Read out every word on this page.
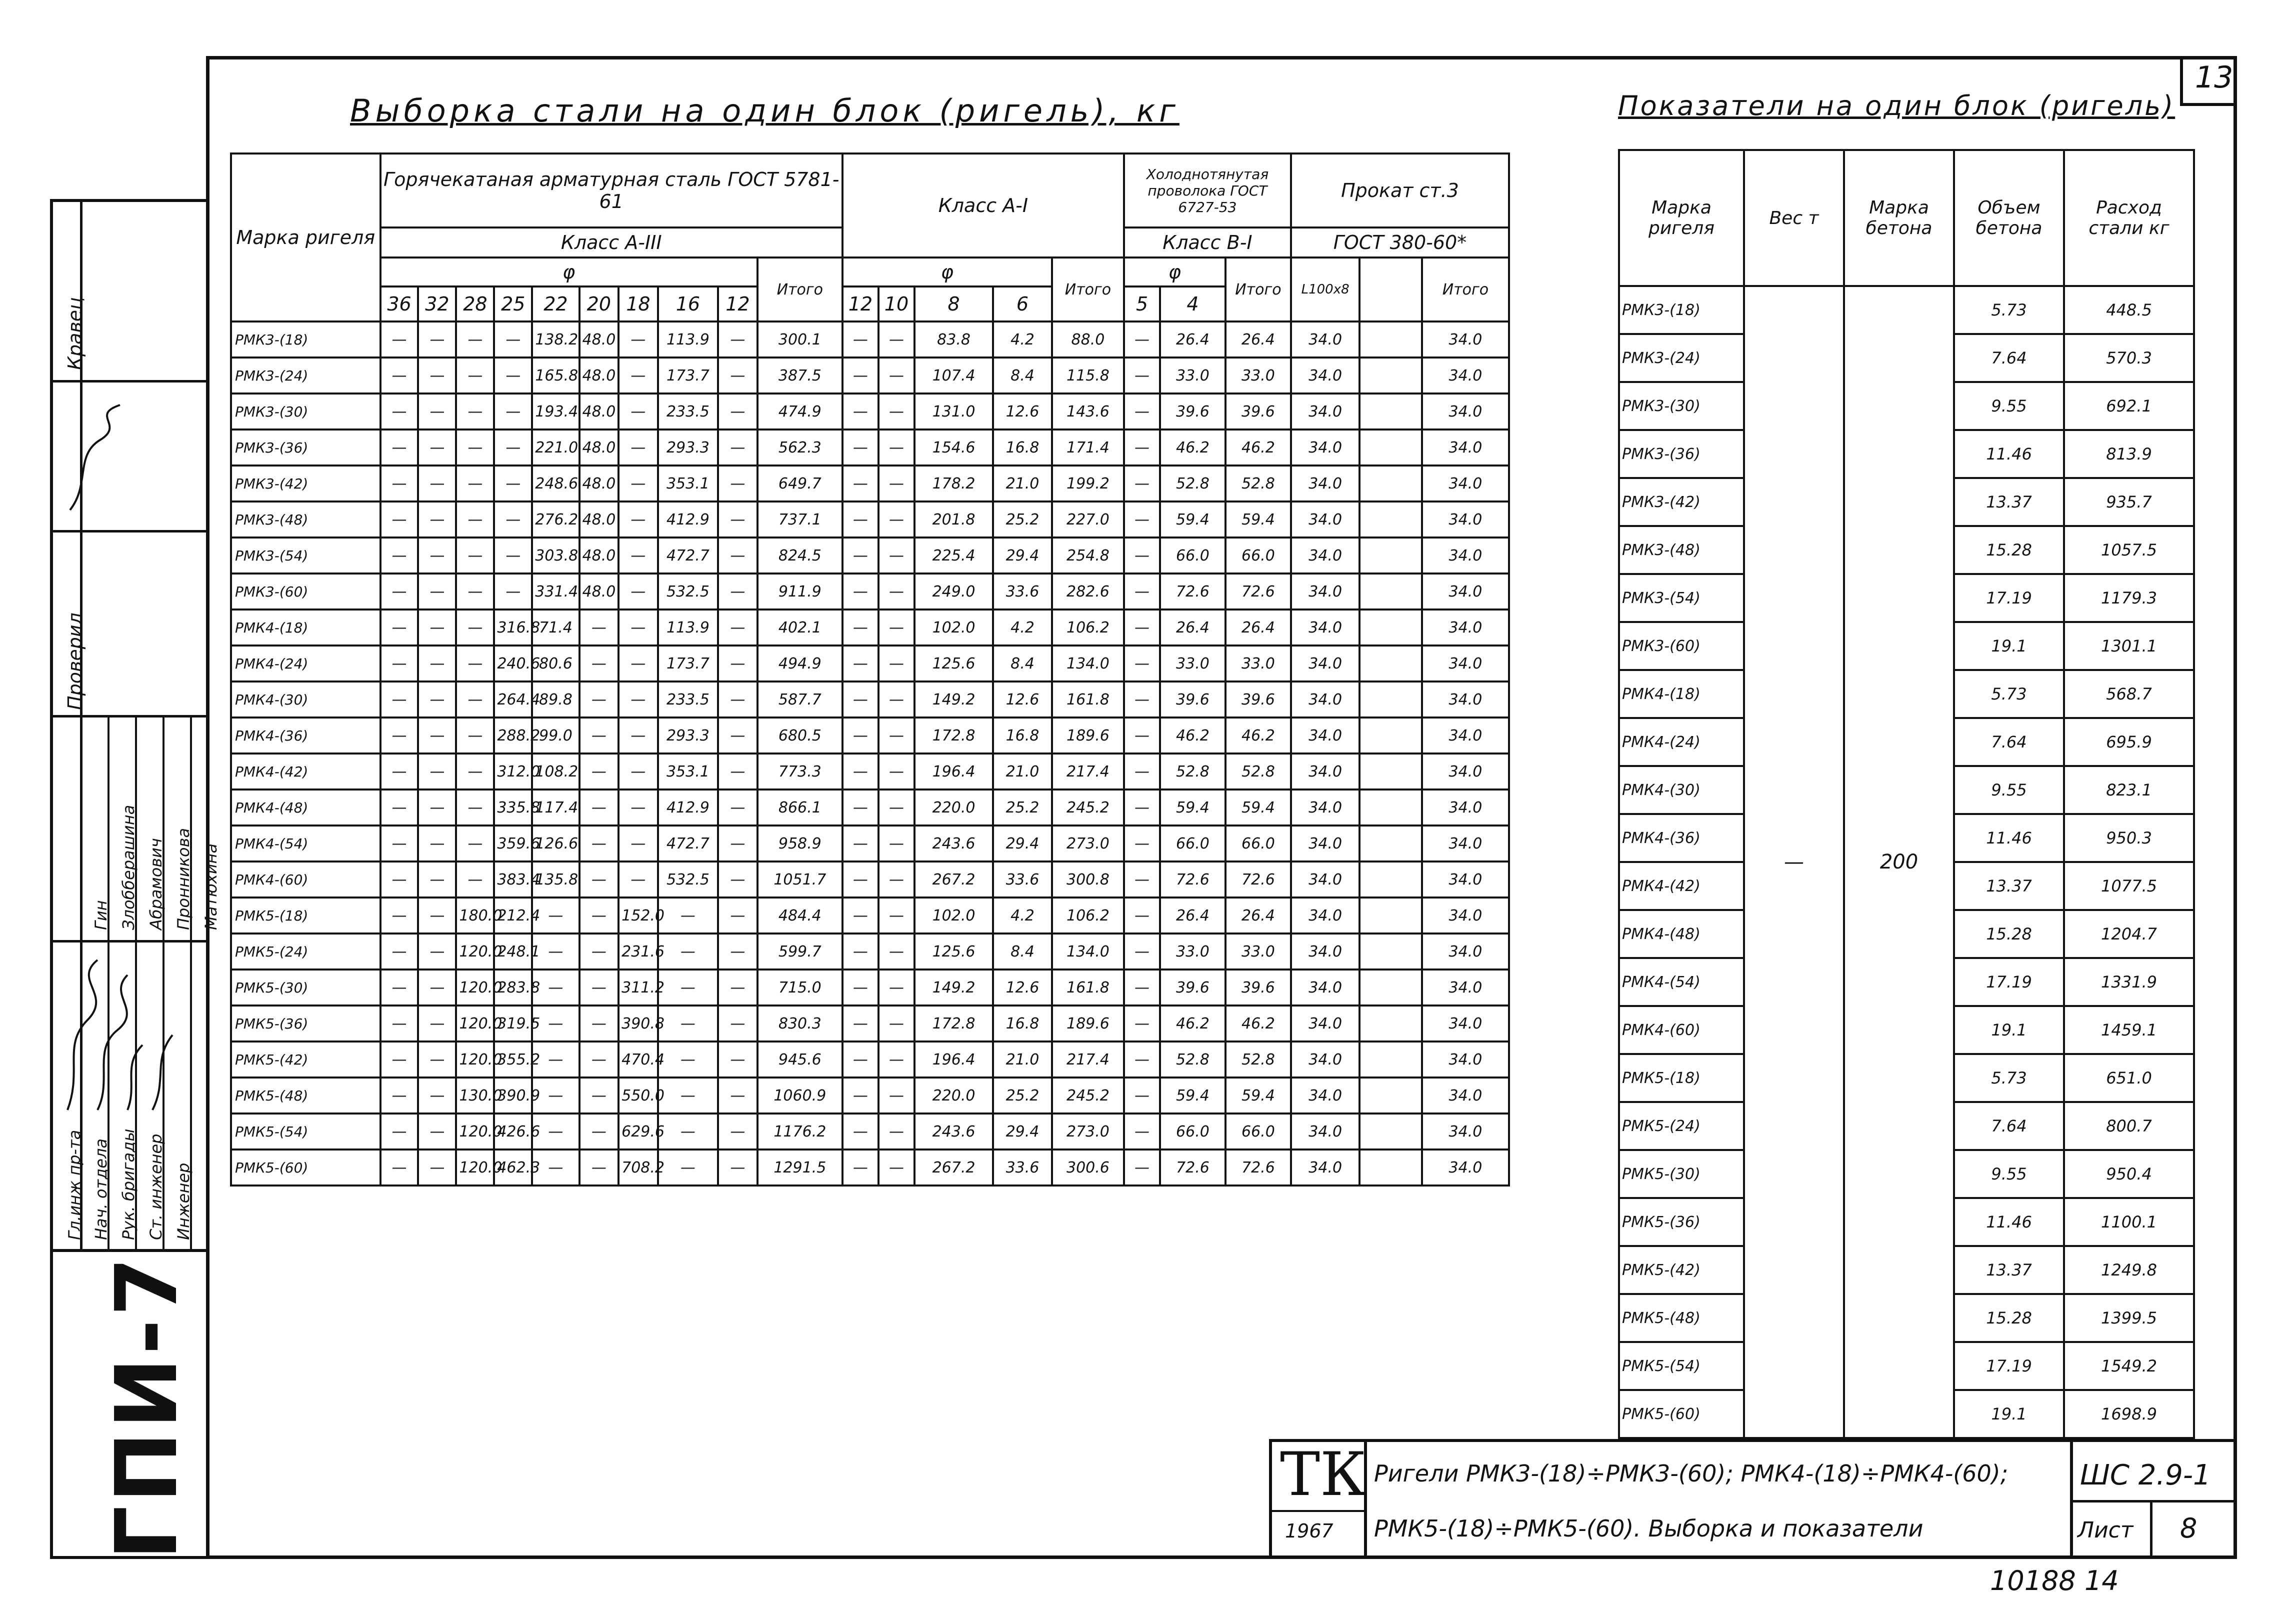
Кравец
Проверил
Гл.инж пр-та Нач. отдела Рук. бригады Ст. инженер Инженер
Гин Злобберашина Абрамович Пронникова Матюхина
ГПИ-7
13
Выборка стали на один блок (ригель), кг	Показатели на один блок (ригель)
Марка ригеля	Горячекатаная арматурная сталь ГОСТ 5781-61										Класс А-I					Холоднотянутая проволока ГОСТ 6727-53			Прокат ст.3		
	Класс А-III															Класс В-I			ГОСТ 380-60*		
	φ									Итого	φ				Итого	φ		Итого	L100x8		Итого
	36	32	28	25	22	20	18	16	12		12	10	8	6		5	4				
РМК3-(18)	—	—	—	—	138.2	48.0	—	113.9	—	300.1	—	—	83.8	4.2	88.0	—	26.4	26.4	34.0		34.0
РМК3-(24)	—	—	—	—	165.8	48.0	—	173.7	—	387.5	—	—	107.4	8.4	115.8	—	33.0	33.0	34.0		34.0
РМК3-(30)	—	—	—	—	193.4	48.0	—	233.5	—	474.9	—	—	131.0	12.6	143.6	—	39.6	39.6	34.0		34.0
РМК3-(36)	—	—	—	—	221.0	48.0	—	293.3	—	562.3	—	—	154.6	16.8	171.4	—	46.2	46.2	34.0		34.0
РМК3-(42)	—	—	—	—	248.6	48.0	—	353.1	—	649.7	—	—	178.2	21.0	199.2	—	52.8	52.8	34.0		34.0
РМК3-(48)	—	—	—	—	276.2	48.0	—	412.9	—	737.1	—	—	201.8	25.2	227.0	—	59.4	59.4	34.0		34.0
РМК3-(54)	—	—	—	—	303.8	48.0	—	472.7	—	824.5	—	—	225.4	29.4	254.8	—	66.0	66.0	34.0		34.0
РМК3-(60)	—	—	—	—	331.4	48.0	—	532.5	—	911.9	—	—	249.0	33.6	282.6	—	72.6	72.6	34.0		34.0
РМК4-(18)	—	—	—	316.8	71.4	—	—	113.9	—	402.1	—	—	102.0	4.2	106.2	—	26.4	26.4	34.0		34.0
РМК4-(24)	—	—	—	240.6	80.6	—	—	173.7	—	494.9	—	—	125.6	8.4	134.0	—	33.0	33.0	34.0		34.0
РМК4-(30)	—	—	—	264.4	89.8	—	—	233.5	—	587.7	—	—	149.2	12.6	161.8	—	39.6	39.6	34.0		34.0
РМК4-(36)	—	—	—	288.2	99.0	—	—	293.3	—	680.5	—	—	172.8	16.8	189.6	—	46.2	46.2	34.0		34.0
РМК4-(42)	—	—	—	312.0	108.2	—	—	353.1	—	773.3	—	—	196.4	21.0	217.4	—	52.8	52.8	34.0		34.0
РМК4-(48)	—	—	—	335.8	117.4	—	—	412.9	—	866.1	—	—	220.0	25.2	245.2	—	59.4	59.4	34.0		34.0
РМК4-(54)	—	—	—	359.6	126.6	—	—	472.7	—	958.9	—	—	243.6	29.4	273.0	—	66.0	66.0	34.0		34.0
РМК4-(60)	—	—	—	383.4	135.8	—	—	532.5	—	1051.7	—	—	267.2	33.6	300.8	—	72.6	72.6	34.0		34.0
РМК5-(18)	—	—	180.0	212.4	—	—	152.0	—	—	484.4	—	—	102.0	4.2	106.2	—	26.4	26.4	34.0		34.0
РМК5-(24)	—	—	120.0	248.1	—	—	231.6	—	—	599.7	—	—	125.6	8.4	134.0	—	33.0	33.0	34.0		34.0
РМК5-(30)	—	—	120.0	283.8	—	—	311.2	—	—	715.0	—	—	149.2	12.6	161.8	—	39.6	39.6	34.0		34.0
РМК5-(36)	—	—	120.0	319.5	—	—	390.8	—	—	830.3	—	—	172.8	16.8	189.6	—	46.2	46.2	34.0		34.0
РМК5-(42)	—	—	120.0	355.2	—	—	470.4	—	—	945.6	—	—	196.4	21.0	217.4	—	52.8	52.8	34.0		34.0
РМК5-(48)	—	—	130.0	390.9	—	—	550.0	—	—	1060.9	—	—	220.0	25.2	245.2	—	59.4	59.4	34.0		34.0
РМК5-(54)	—	—	120.0	426.6	—	—	629.6	—	—	1176.2	—	—	243.6	29.4	273.0	—	66.0	66.0	34.0		34.0
РМК5-(60)	—	—	120.0	462.3	—	—	708.2	—	—	1291.5	—	—	267.2	33.6	300.6	—	72.6	72.6	34.0		34.0
Марка ригеля	Вес т	Марка бетона	Объем бетона	Расход стали кг
РМК3-(18)	—	200	5.73	448.5
РМК3-(24)			7.64	570.3
РМК3-(30)			9.55	692.1
РМК3-(36)			11.46	813.9
РМК3-(42)			13.37	935.7
РМК3-(48)			15.28	1057.5
РМК3-(54)			17.19	1179.3
РМК3-(60)			19.1	1301.1
РМК4-(18)			5.73	568.7
РМК4-(24)			7.64	695.9
РМК4-(30)			9.55	823.1
РМК4-(36)			11.46	950.3
РМК4-(42)			13.37	1077.5
РМК4-(48)			15.28	1204.7
РМК4-(54)			17.19	1331.9
РМК4-(60)			19.1	1459.1
РМК5-(18)			5.73	651.0
РМК5-(24)			7.64	800.7
РМК5-(30)			9.55	950.4
РМК5-(36)			11.46	1100.1
РМК5-(42)			13.37	1249.8
РМК5-(48)			15.28	1399.5
РМК5-(54)			17.19	1549.2
РМК5-(60)			19.1	1698.9
ТК
1967
Ригели РМК3-(18)÷РМК3-(60); РМК4-(18)÷РМК4-(60);
РМК5-(18)÷РМК5-(60). Выборка и показатели
ШС 2.9-1
Лист 8
10188 14
